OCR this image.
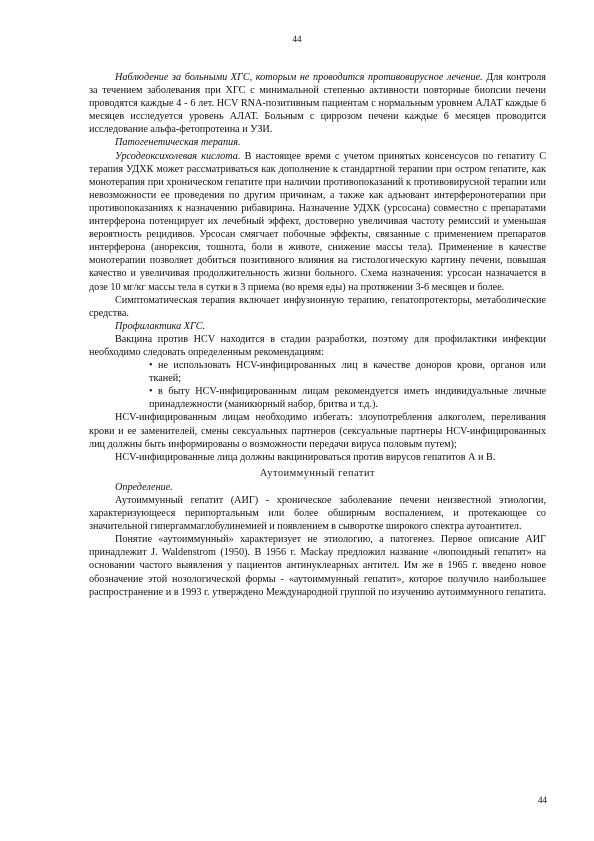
44

Наблюдение за больными ХГС, которым не проводится противовирусное лечение. Для контроля за течением заболевания при ХГС с минимальной степенью активности повторные биопсии печени проводятся каждые 4 - 6 лет. HCV RNA-позитивным пациентам с нормальным уровнем АЛАТ каждые 6 месяцев исследуется уровень АЛАТ. Больным с циррозом печени каждые 6 месяцев проводится исследование альфа-фетопротеина и УЗИ.

Патогенетическая терапия.

Урсодеоксихолевая кислота. В настоящее время с учетом принятых консенсусов по гепатиту С терапия УДХК может рассматриваться как дополнение к стандартной терапии при остром гепатите, как монотерапия при хроническом гепатите при наличии противопоказаний к противовирусной терапии или невозможности ее проведения по другим причинам, а также как адъювант интерферонотерапии при противопоказаниях к назначению рибавирина. Назначение УДХК (урсосана) совместно с препаратами интерферона потенцирует их лечебный эффект, достоверно увеличивая частоту ремиссий и уменьшая вероятность рецидивов. Урсосан смягчает побочные эффекты, связанные с применением препаратов интерферона (анорексия, тошнота, боли в животе, снижение массы тела). Применение в качестве монотерапии позволяет добиться позитивного влияния на гистологическую картину печени, повышая качество и увеличивая продолжительность жизни больного. Схема назначения: урсосан назначается в дозе 10 мг/кг массы тела в сутки в 3 приема (во время еды) на протяжении 3-6 месяцев и более.

Симптоматическая терапия включает инфузионную терапию, гепатопротекторы, метаболические средства.

Профилактика ХГС.

Вакцина против HCV находится в стадии разработки, поэтому для профилактики инфекции необходимо следовать определенным рекомендациям:

• не использовать HCV-инфицированных лиц в качестве доноров крови, органов или тканей;

• в быту HCV-инфицированным лицам рекомендуется иметь индивидуальные личные принадлежности (маникюрный набор, бритва и т.д.).

HCV-инфицированным лицам необходимо избегать: злоупотребления алкоголем, переливания крови и ее заменителей, смены сексуальных партнеров (сексуальные партнеры HCV-инфицированных лиц должны быть информированы о возможности передачи вируса половым путем);

HCV-инфицированные лица должны вакцинироваться против вирусов гепатитов А и В.

Аутоиммунный гепатит

Определение.

Аутоиммунный гепатит (АИГ) - хроническое заболевание печени неизвестной этиологии, характеризующееся перипортальным или более обширным воспалением, и протекающее со значительной гипергаммаглобулинемией и появлением в сыворотке широкого спектра аутоантител.

Понятие «аутоиммунный» характеризует не этиологию, а патогенез. Первое описание АИГ принадлежит J. Waldenstrom (1950). В 1956 г. Mackay предложил название «люпоидный гепатит» на основании частого выявления у пациентов антинуклеарных антител. Им же в 1965 г. введено новое обозначение этой нозологической формы - «аутоиммунный гепатит», которое получило наибольшее распространение и в 1993 г. утверждено Международной группой по изучению аутоиммунного гепатита.

44
